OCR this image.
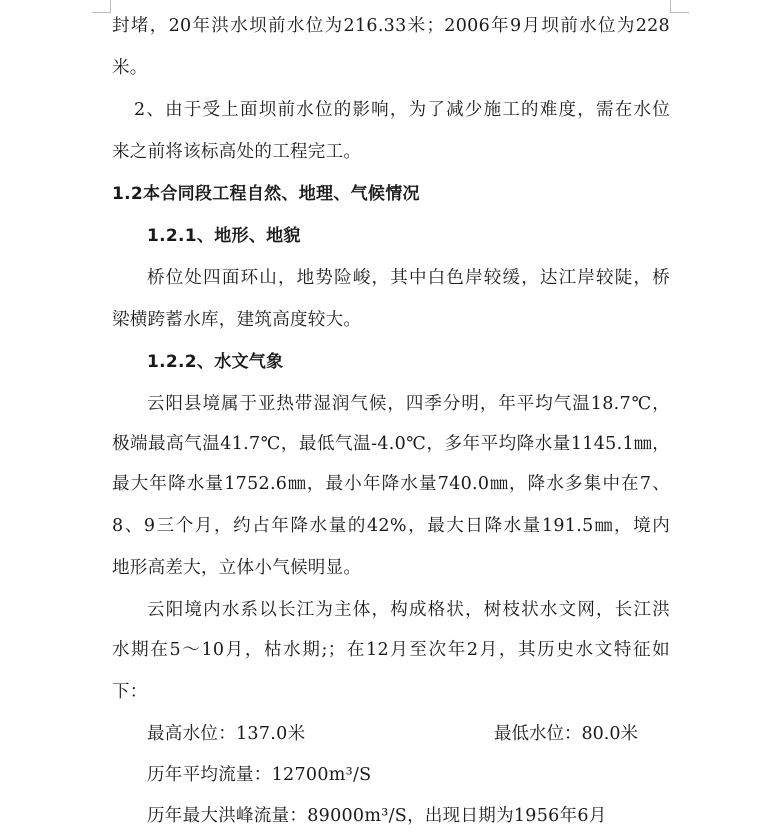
封堵，20年洪水坝前水位为216.33米；2006年9月坝前水位为228
米。
2、由于受上面坝前水位的影响，为了减少施工的难度，需在水位
来之前将该标高处的工程完工。
1.2本合同段工程自然、地理、气候情况
1.2.1、地形、地貌
桥位处四面环山，地势险峻，其中白色岸较缓，达江岸较陡，桥
梁横跨蓄水库，建筑高度较大。
1.2.2、水文气象
云阳县境属于亚热带湿润气候，四季分明，年平均气温18.7℃，
极端最高气温41.7℃，最低气温-4.0℃，多年平均降水量1145.1㎜，
最大年降水量1752.6㎜，最小年降水量740.0㎜，降水多集中在7、
8、9三个月，约占年降水量的42%，最大日降水量191.5㎜，境内
地形高差大，立体小气候明显。
云阳境内水系以长江为主体，构成格状，树枝状水文网，长江洪
水期在5～10月，枯水期;；在12月至次年2月，其历史水文特征如
下：
最高水位：137.0米	最低水位：80.0米
历年平均流量：12700m³/S
历年最大洪峰流量：89000m³/S，出现日期为1956年6月
